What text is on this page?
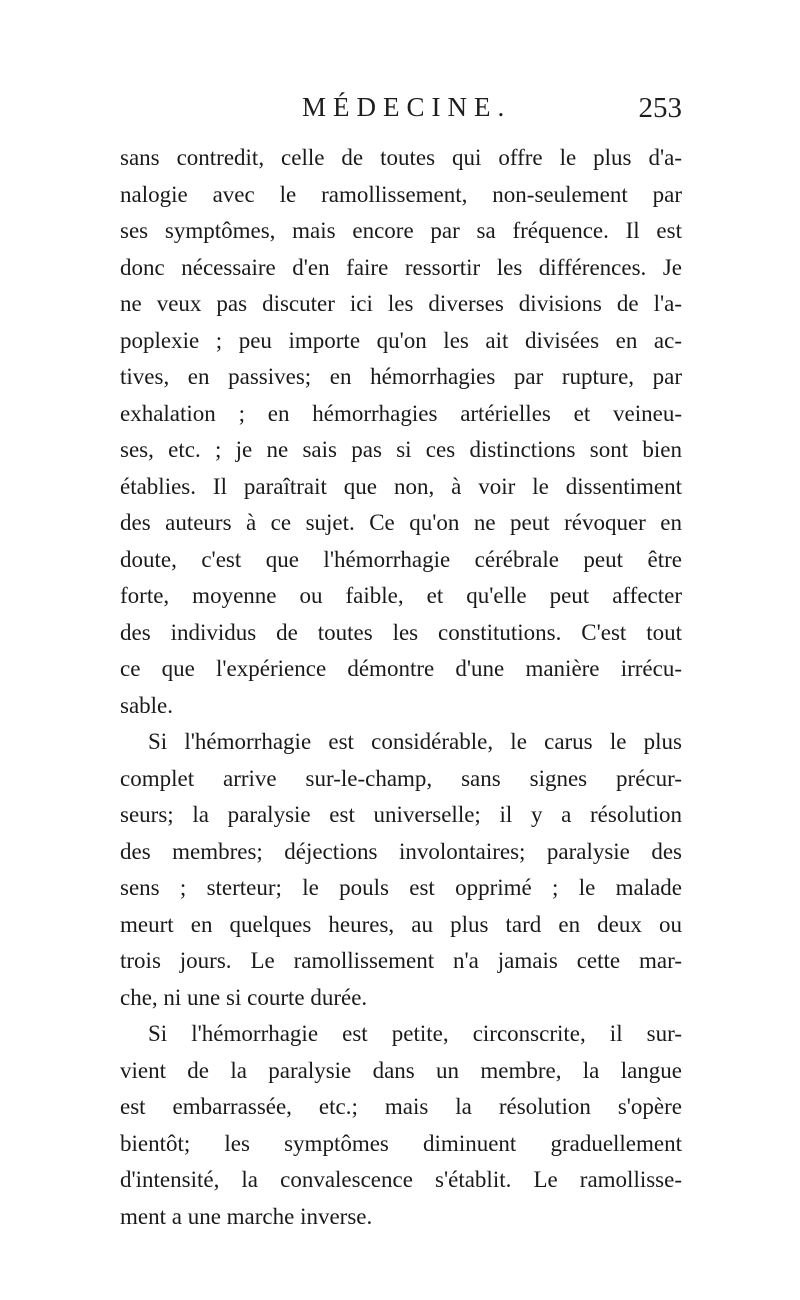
MÉDECINE.	253
sans contredit, celle de toutes qui offre le plus d'a-
nalogie avec le ramollissement, non-seulement par
ses symptômes, mais encore par sa fréquence. Il est
donc nécessaire d'en faire ressortir les différences. Je
ne veux pas discuter ici les diverses divisions de l'a-
poplexie ; peu importe qu'on les ait divisées en ac-
tives, en passives; en hémorrhagies par rupture, par
exhalation ; en hémorrhagies artérielles et veineu-
ses, etc. ; je ne sais pas si ces distinctions sont bien
établies. Il paraîtrait que non, à voir le dissentiment
des auteurs à ce sujet. Ce qu'on ne peut révoquer en
doute, c'est que l'hémorrhagie cérébrale peut être
forte, moyenne ou faible, et qu'elle peut affecter
des individus de toutes les constitutions. C'est tout
ce que l'expérience démontre d'une manière irrécu-
sable.
Si l'hémorrhagie est considérable, le carus le plus
complet arrive sur-le-champ, sans signes précur-
seurs; la paralysie est universelle; il y a résolution
des membres; déjections involontaires; paralysie des
sens ; sterteur; le pouls est opprimé ; le malade
meurt en quelques heures, au plus tard en deux ou
trois jours. Le ramollissement n'a jamais cette mar-
che, ni une si courte durée.
Si l'hémorrhagie est petite, circonscrite, il sur-
vient de la paralysie dans un membre, la langue
est embarrassée, etc.; mais la résolution s'opère
bientôt; les symptômes diminuent graduellement
d'intensité, la convalescence s'établit. Le ramollisse-
ment a une marche inverse.
